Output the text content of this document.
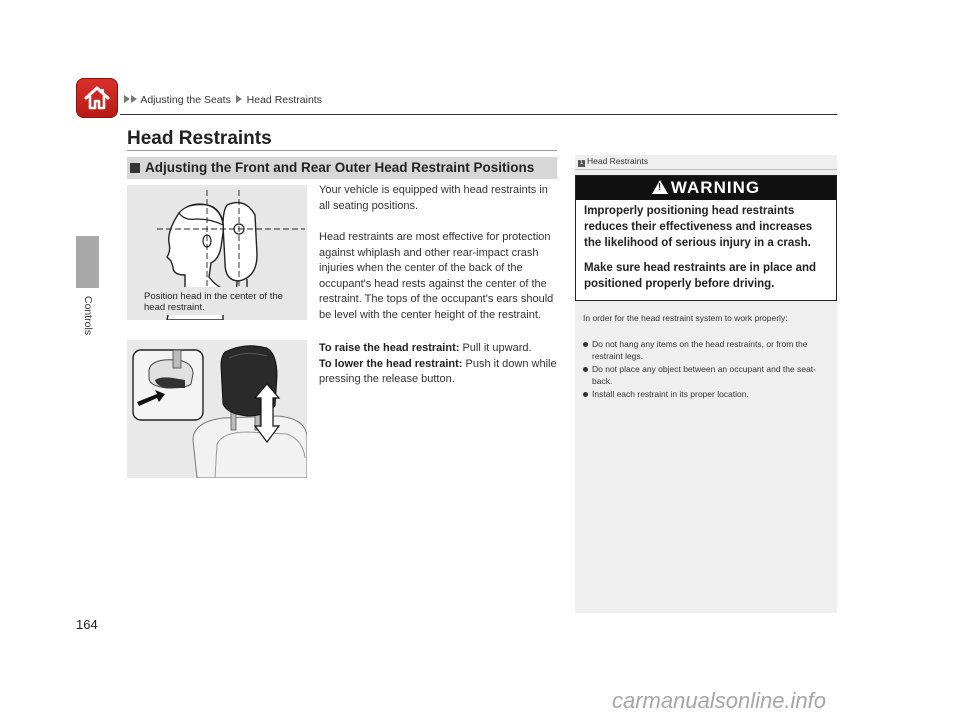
Adjusting the Seats Head Restraints
Controls
Head Restraints
Adjusting the Front and Rear Outer Head Restraint Positions
Position head in the center of the head restraint.
Your vehicle is equipped with head restraints in all seating positions.
Head restraints are most effective for protection against whiplash and other rear-impact crash injuries when the center of the back of the occupant's head rests against the center of the restraint. The tops of the occupant's ears should be level with the center height of the restraint.
To raise the head restraint: Pull it upward.
To lower the head restraint: Push it down while pressing the release button.
1 Head Restraints
! WARNING
Improperly positioning head restraints reduces their effectiveness and increases the likelihood of serious injury in a crash.
Make sure head restraints are in place and positioned properly before driving.
In order for the head restraint system to work properly:
Do not hang any items on the head restraints, or from the restraint legs.
Do not place any object between an occupant and the seat-back.
Install each restraint in its proper location.
164
carmanualsonline.info
